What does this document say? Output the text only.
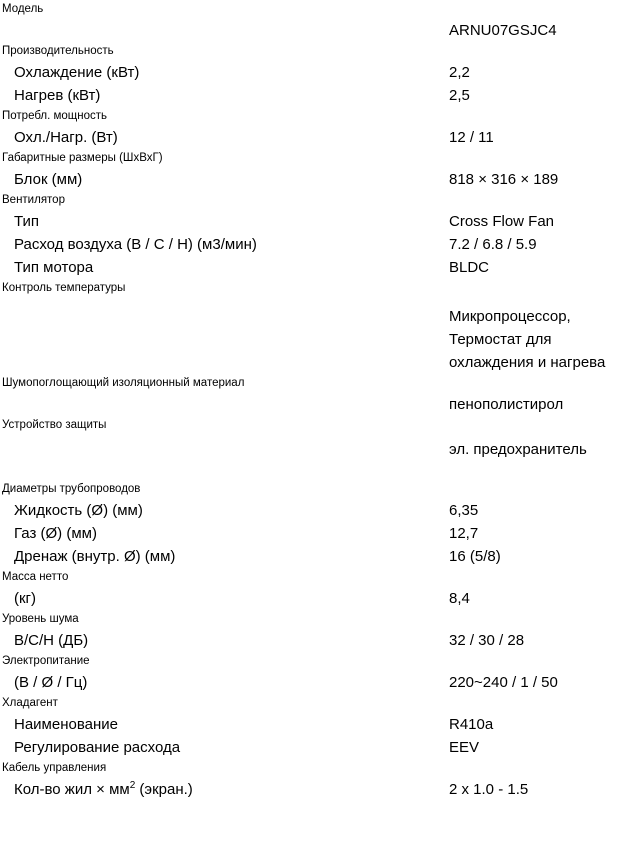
Модель	

	ARNU07GSJC4

Производительность	

Охлаждение (кВт)	2,2

Нагрев (кВт)	2,5

Потребл. мощность	

Охл./Нагр. (Вт)	12 / 11

Габаритные размеры (ШхВхГ)	

Блок (мм)	818 × 316 × 189

Вентилятор	

Тип	Cross Flow Fan

Расход воздуха (В / С / Н) (м3/мин)	7.2 / 6.8 / 5.9

Тип мотора	BLDC

Контроль температуры	Микропроцессор, Термостат для охлаждения и нагрева

Шумопоглощающий изоляционный материал	пенополистирол

Устройство защиты	эл. предохранитель

Диаметры трубопроводов	

Жидкость (Ø) (мм)	6,35

Газ (Ø) (мм)	12,7

Дренаж (внутр. Ø) (мм)	16 (5/8)

Масса нетто	

(кг)	8,4

Уровень шума	

В/С/Н (ДБ)	32 / 30 / 28

Электропитание	

(В / Ø / Гц)	220~240 / 1 / 50

Хладагент	

Наименование	R410a

Регулирование расхода	EEV

Кабель управления	

Кол-во жил × $мм^2$ (экран.)	2 x 1.0 - 1.5
